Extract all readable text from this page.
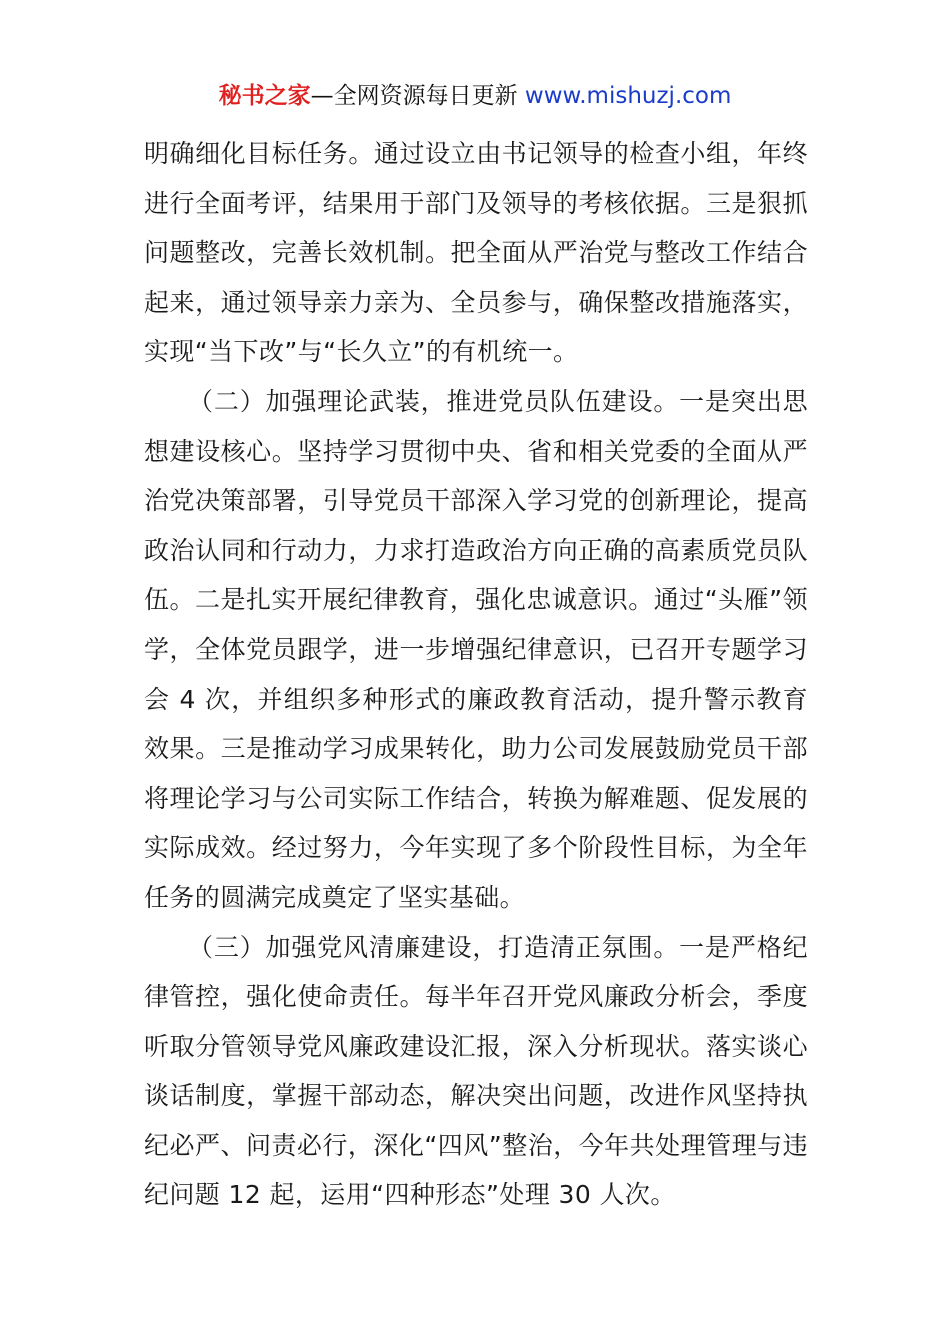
秘书之家—全网资源每日更新 www.mishuzj.com

明确细化目标任务。通过设立由书记领导的检查小组，年终进行全面考评，结果用于部门及领导的考核依据。三是狠抓问题整改，完善长效机制。把全面从严治党与整改工作结合起来，通过领导亲力亲为、全员参与，确保整改措施落实，实现“当下改”与“长久立”的有机统一。

（二）加强理论武装，推进党员队伍建设。一是突出思想建设核心。坚持学习贯彻中央、省和相关党委的全面从严治党决策部署，引导党员干部深入学习党的创新理论，提高政治认同和行动力，力求打造政治方向正确的高素质党员队伍。二是扎实开展纪律教育，强化忠诚意识。通过“头雁”领学，全体党员跟学，进一步增强纪律意识，已召开专题学习会 4 次，并组织多种形式的廉政教育活动，提升警示教育效果。三是推动学习成果转化，助力公司发展鼓励党员干部将理论学习与公司实际工作结合，转换为解难题、促发展的实际成效。经过努力，今年实现了多个阶段性目标，为全年任务的圆满完成奠定了坚实基础。

（三）加强党风清廉建设，打造清正氛围。一是严格纪律管控，强化使命责任。每半年召开党风廉政分析会，季度听取分管领导党风廉政建设汇报，深入分析现状。落实谈心谈话制度，掌握干部动态，解决突出问题，改进作风坚持执纪必严、问责必行，深化“四风”整治，今年共处理管理与违纪问题 12 起，运用“四种形态”处理 30 人次。
